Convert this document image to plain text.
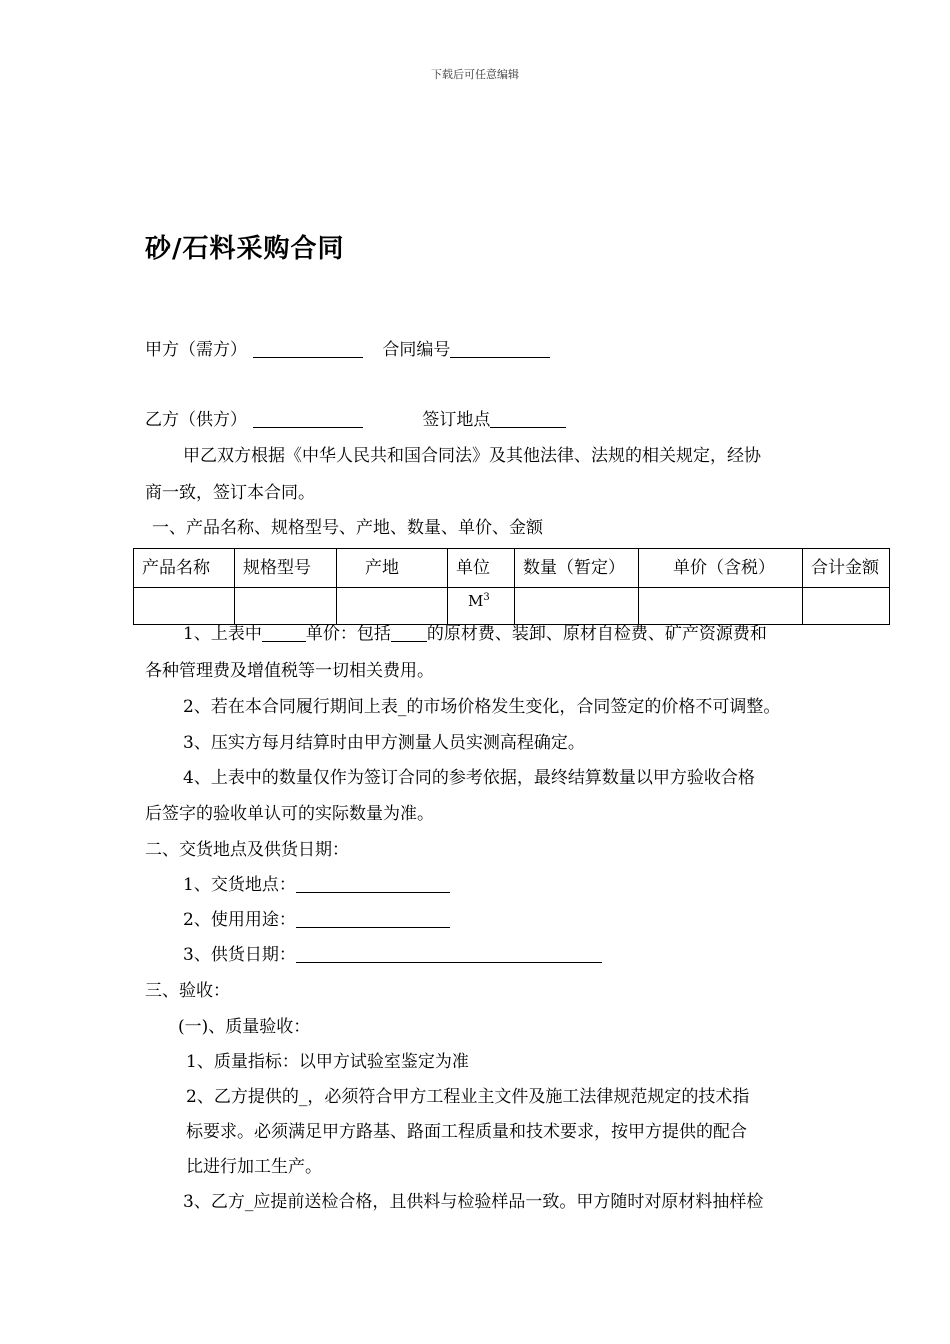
下载后可任意编辑
砂/石料采购合同
甲方（需方）	合同编号
乙方（供方）	签订地点
甲乙双方根据《中华人民共和国合同法》及其他法律、法规的相关规定，经协
商一致，签订本合同。
一、产品名称、规格型号、产地、数量、单价、金额
产品名称	规格型号	产地	单位	数量（暂定）	单价（含税）	合计金额
			$M^3$			
1、上表中	单价：包括 的原材费、装卸、原材自检费、矿产资源费和
各种管理费及增值税等一切相关费用。
2、若在本合同履行期间上表_的市场价格发生变化，合同签定的价格不可调整。
3、压实方每月结算时由甲方测量人员实测高程确定。
4、上表中的数量仅作为签订合同的参考依据，最终结算数量以甲方验收合格
后签字的验收单认可的实际数量为准。
二、交货地点及供货日期：
1、交货地点：
2、使用用途：
3、供货日期：
三、验收：
(一)、质量验收：
1、质量指标：以甲方试验室鉴定为准
2、乙方提供的_，必须符合甲方工程业主文件及施工法律规范规定的技术指
标要求。必须满足甲方路基、路面工程质量和技术要求，按甲方提供的配合
比进行加工生产。
3、乙方_应提前送检合格，且供料与检验样品一致。甲方随时对原材料抽样检
